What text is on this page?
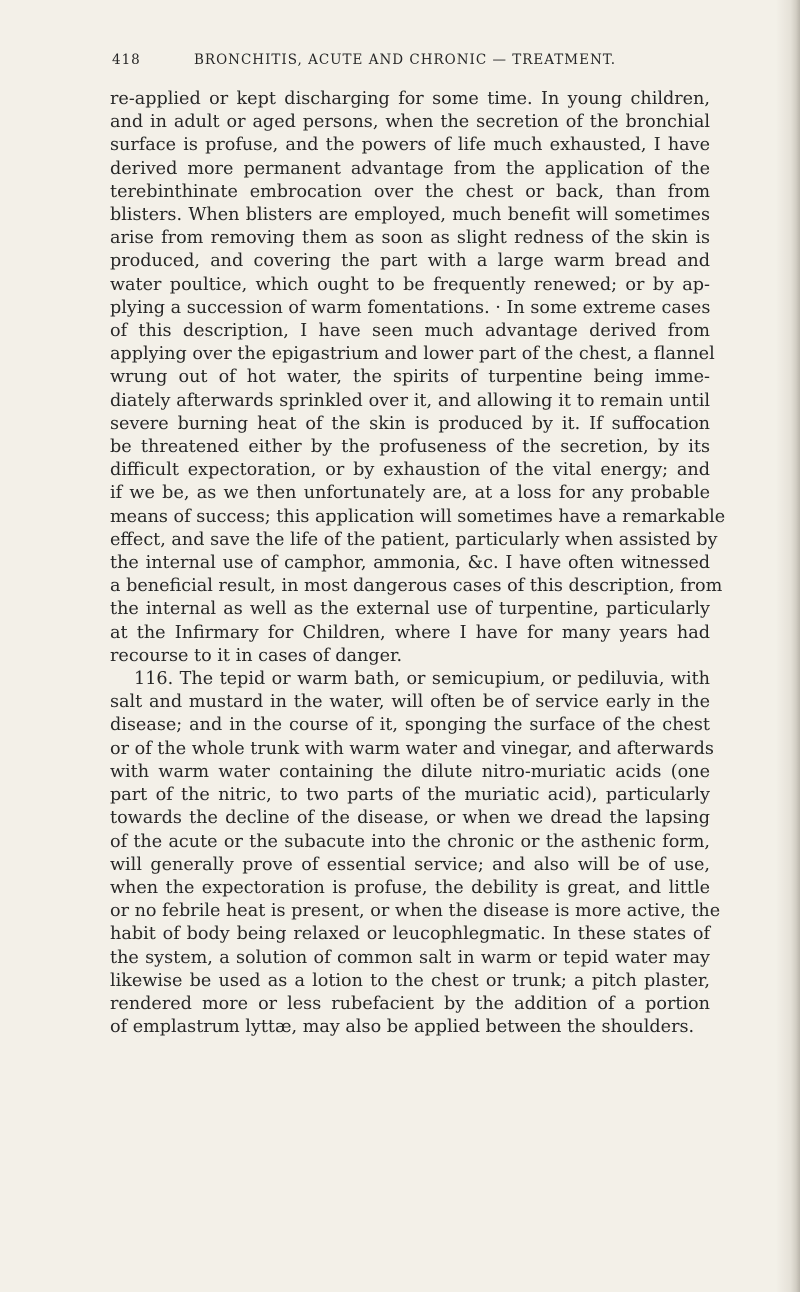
418	BRONCHITIS, ACUTE AND CHRONIC — TREATMENT.
re-applied or kept discharging for some time. In young children,
and in adult or aged persons, when the secretion of the bronchial
surface is profuse, and the powers of life much exhausted, I have
derived more permanent advantage from the application of the
terebinthinate embrocation over the chest or back, than from
blisters. When blisters are employed, much benefit will sometimes
arise from removing them as soon as slight redness of the skin is
produced, and covering the part with a large warm bread and
water poultice, which ought to be frequently renewed; or by ap-
plying a succession of warm fomentations. · In some extreme cases
of this description, I have seen much advantage derived from
applying over the epigastrium and lower part of the chest, a flannel
wrung out of hot water, the spirits of turpentine being imme-
diately afterwards sprinkled over it, and allowing it to remain until
severe burning heat of the skin is produced by it. If suffocation
be threatened either by the profuseness of the secretion, by its
difficult expectoration, or by exhaustion of the vital energy; and
if we be, as we then unfortunately are, at a loss for any probable
means of success; this application will sometimes have a remarkable
effect, and save the life of the patient, particularly when assisted by
the internal use of camphor, ammonia, &c. I have often witnessed
a beneficial result, in most dangerous cases of this description, from
the internal as well as the external use of turpentine, particularly
at the Infirmary for Children, where I have for many years had
recourse to it in cases of danger.
116. The tepid or warm bath, or semicupium, or pediluvia, with
salt and mustard in the water, will often be of service early in the
disease; and in the course of it, sponging the surface of the chest
or of the whole trunk with warm water and vinegar, and afterwards
with warm water containing the dilute nitro-muriatic acids (one
part of the nitric, to two parts of the muriatic acid), particularly
towards the decline of the disease, or when we dread the lapsing
of the acute or the subacute into the chronic or the asthenic form,
will generally prove of essential service; and also will be of use,
when the expectoration is profuse, the debility is great, and little
or no febrile heat is present, or when the disease is more active, the
habit of body being relaxed or leucophlegmatic. In these states of
the system, a solution of common salt in warm or tepid water may
likewise be used as a lotion to the chest or trunk; a pitch plaster,
rendered more or less rubefacient by the addition of a portion
of emplastrum lyttæ, may also be applied between the shoulders.
